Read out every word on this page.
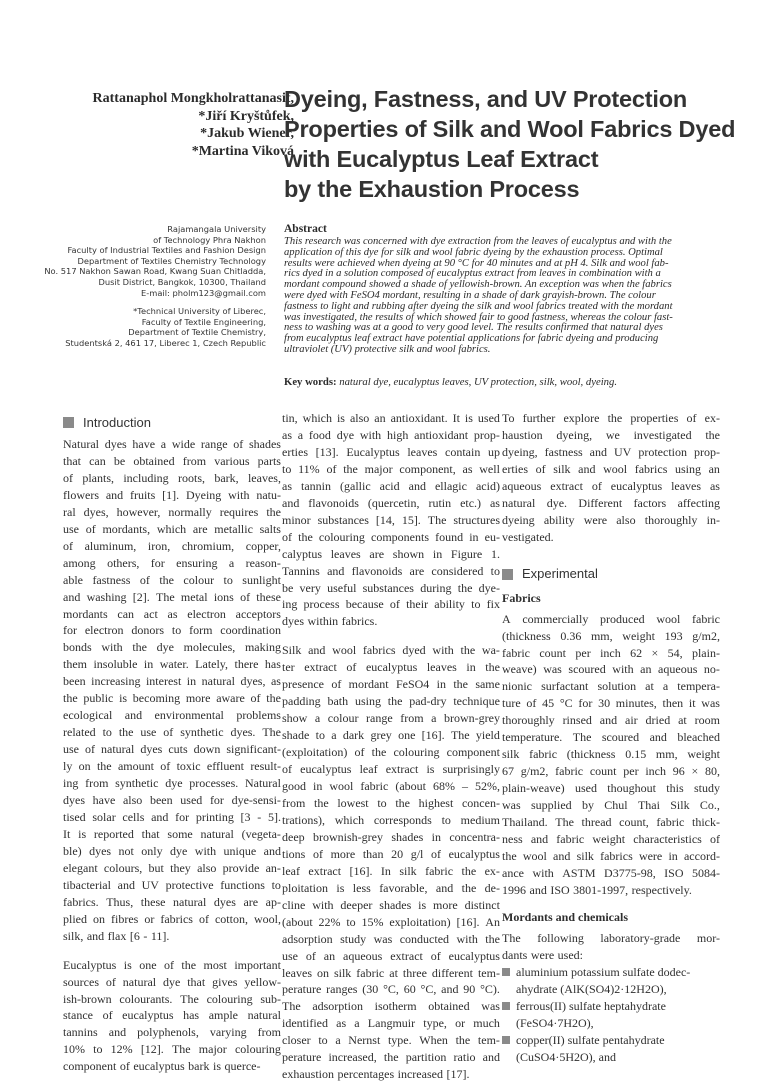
Rattanaphol Mongkholrattanasit,
*Jiří Kryštůfek,
*Jakub Wiener,
*Martina Viková
Dyeing, Fastness, and UV Protection
Properties of Silk and Wool Fabrics Dyed
with Eucalyptus Leaf Extract
by the Exhaustion Process
Rajamangala University
of Technology Phra Nakhon
Faculty of Industrial Textiles and Fashion Design
Department of Textiles Chemistry Technology
No. 517 Nakhon Sawan Road, Kwang Suan Chitladda,
Dusit District, Bangkok, 10300, Thailand
E-mail: pholm123@gmail.com
*Technical University of Liberec,
Faculty of Textile Engineering,
Department of Textile Chemistry,
Studentská 2, 461 17, Liberec 1, Czech Republic
Abstract
This research was concerned with dye extraction from the leaves of eucalyptus and with the
application of this dye for silk and wool fabric dyeing by the exhaustion process. Optimal
results were achieved when dyeing at 90 °C for 40 minutes and at pH 4. Silk and wool fab-
rics dyed in a solution composed of eucalyptus extract from leaves in combination with a
mordant compound showed a shade of yellowish-brown. An exception was when the fabrics
were dyed with FeSO4 mordant, resulting in a shade of dark grayish-brown. The colour
fastness to light and rubbing after dyeing the silk and wool fabrics treated with the mordant
was investigated, the results of which showed fair to good fastness, whereas the colour fast-
ness to washing was at a good to very good level. The results confirmed that natural dyes
from eucalyptus leaf extract have potential applications for fabric dyeing and producing
ultraviolet (UV) protective silk and wool fabrics.
Key words: natural dye, eucalyptus leaves, UV protection, silk, wool, dyeing.
Natural dyes have a wide range of shades
that can be obtained from various parts
of plants, including roots, bark, leaves,
flowers and fruits [1]. Dyeing with natu-
ral dyes, however, normally requires the
use of mordants, which are metallic salts
of aluminum, iron, chromium, copper,
among others, for ensuring a reason-
able fastness of the colour to sunlight
and washing [2]. The metal ions of these
mordants can act as electron acceptors
for electron donors to form coordination
bonds with the dye molecules, making
them insoluble in water. Lately, there has
been increasing interest in natural dyes, as
the public is becoming more aware of the
ecological and environmental problems
related to the use of synthetic dyes. The
use of natural dyes cuts down significant-
ly on the amount of toxic effluent result-
ing from synthetic dye processes. Natural
dyes have also been used for dye-sensi-
tised solar cells and for printing [3 - 5].
It is reported that some natural (vegeta-
ble) dyes not only dye with unique and
elegant colours, but they also provide an-
tibacterial and UV protective functions to
fabrics. Thus, these natural dyes are ap-
plied on fibres or fabrics of cotton, wool,
silk, and flax [6 - 11].
Eucalyptus is one of the most important
sources of natural dye that gives yellow-
ish-brown colourants. The colouring sub-
stance of eucalyptus has ample natural
tannins and polyphenols, varying from
10% to 12% [12]. The major colouring
component of eucalyptus bark is querce-
Introduction	tin, which is also an antioxidant. It is used
as a food dye with high antioxidant prop-
erties [13]. Eucalyptus leaves contain up
to 11% of the major component, as well
as tannin (gallic acid and ellagic acid)
and flavonoids (quercetin, rutin etc.) as
minor substances [14, 15]. The structures
of the colouring components found in eu-
calyptus leaves are shown in Figure 1.
Tannins and flavonoids are considered to
be very useful substances during the dye-
ing process because of their ability to fix
dyes within fabrics.
Silk and wool fabrics dyed with the wa-
ter extract of eucalyptus leaves in the
presence of mordant FeSO4 in the same
padding bath using the pad-dry technique
show a colour range from a brown-grey
shade to a dark grey one [16]. The yield
(exploitation) of the colouring component
of eucalyptus leaf extract is surprisingly
good in wool fabric (about 68% – 52%,
from the lowest to the highest concen-
trations), which corresponds to medium
deep brownish-grey shades in concentra-
tions of more than 20 g/l of eucalyptus
leaf extract [16]. In silk fabric the ex-
ploitation is less favorable, and the de-
cline with deeper shades is more distinct
(about 22% to 15% exploitation) [16]. An
adsorption study was conducted with the
use of an aqueous extract of eucalyptus
leaves on silk fabric at three different tem-
perature ranges (30 °C, 60 °C, and 90 °C).
The adsorption isotherm obtained was
identified as a Langmuir type, or much
closer to a Nernst type. When the tem-
perature increased, the partition ratio and
exhaustion percentages increased [17].
To further explore the properties of ex-
haustion dyeing, we investigated the
dyeing, fastness and UV protection prop-
erties of silk and wool fabrics using an
aqueous extract of eucalyptus leaves as
natural dye. Different factors affecting
dyeing ability were also thoroughly in-
vestigated.
Experimental
Fabrics
A commercially produced wool fabric
(thickness 0.36 mm, weight 193 g/m2,
fabric count per inch 62 × 54, plain-
weave) was scoured with an aqueous no-
nionic surfactant solution at a tempera-
ture of 45 °C for 30 minutes, then it was
thoroughly rinsed and air dried at room
temperature. The scoured and bleached
silk fabric (thickness 0.15 mm, weight
67 g/m2, fabric count per inch 96 × 80,
plain-weave) used thoughout this study
was supplied by Chul Thai Silk Co.,
Thailand. The thread count, fabric thick-
ness and fabric weight characteristics of
the wool and silk fabrics were in accord-
ance with ASTM D3775-98, ISO 5084-
1996 and ISO 3801-1997, respectively.
Mordants and chemicals
The following laboratory-grade mor-
dants were used:
aluminium potassium sulfate dodec-
ahydrate (AlK(SO4)2·12H2O),
ferrous(II) sulfate heptahydrate
(FeSO4·7H2O),
copper(II) sulfate pentahydrate
(CuSO4·5H2O), and
